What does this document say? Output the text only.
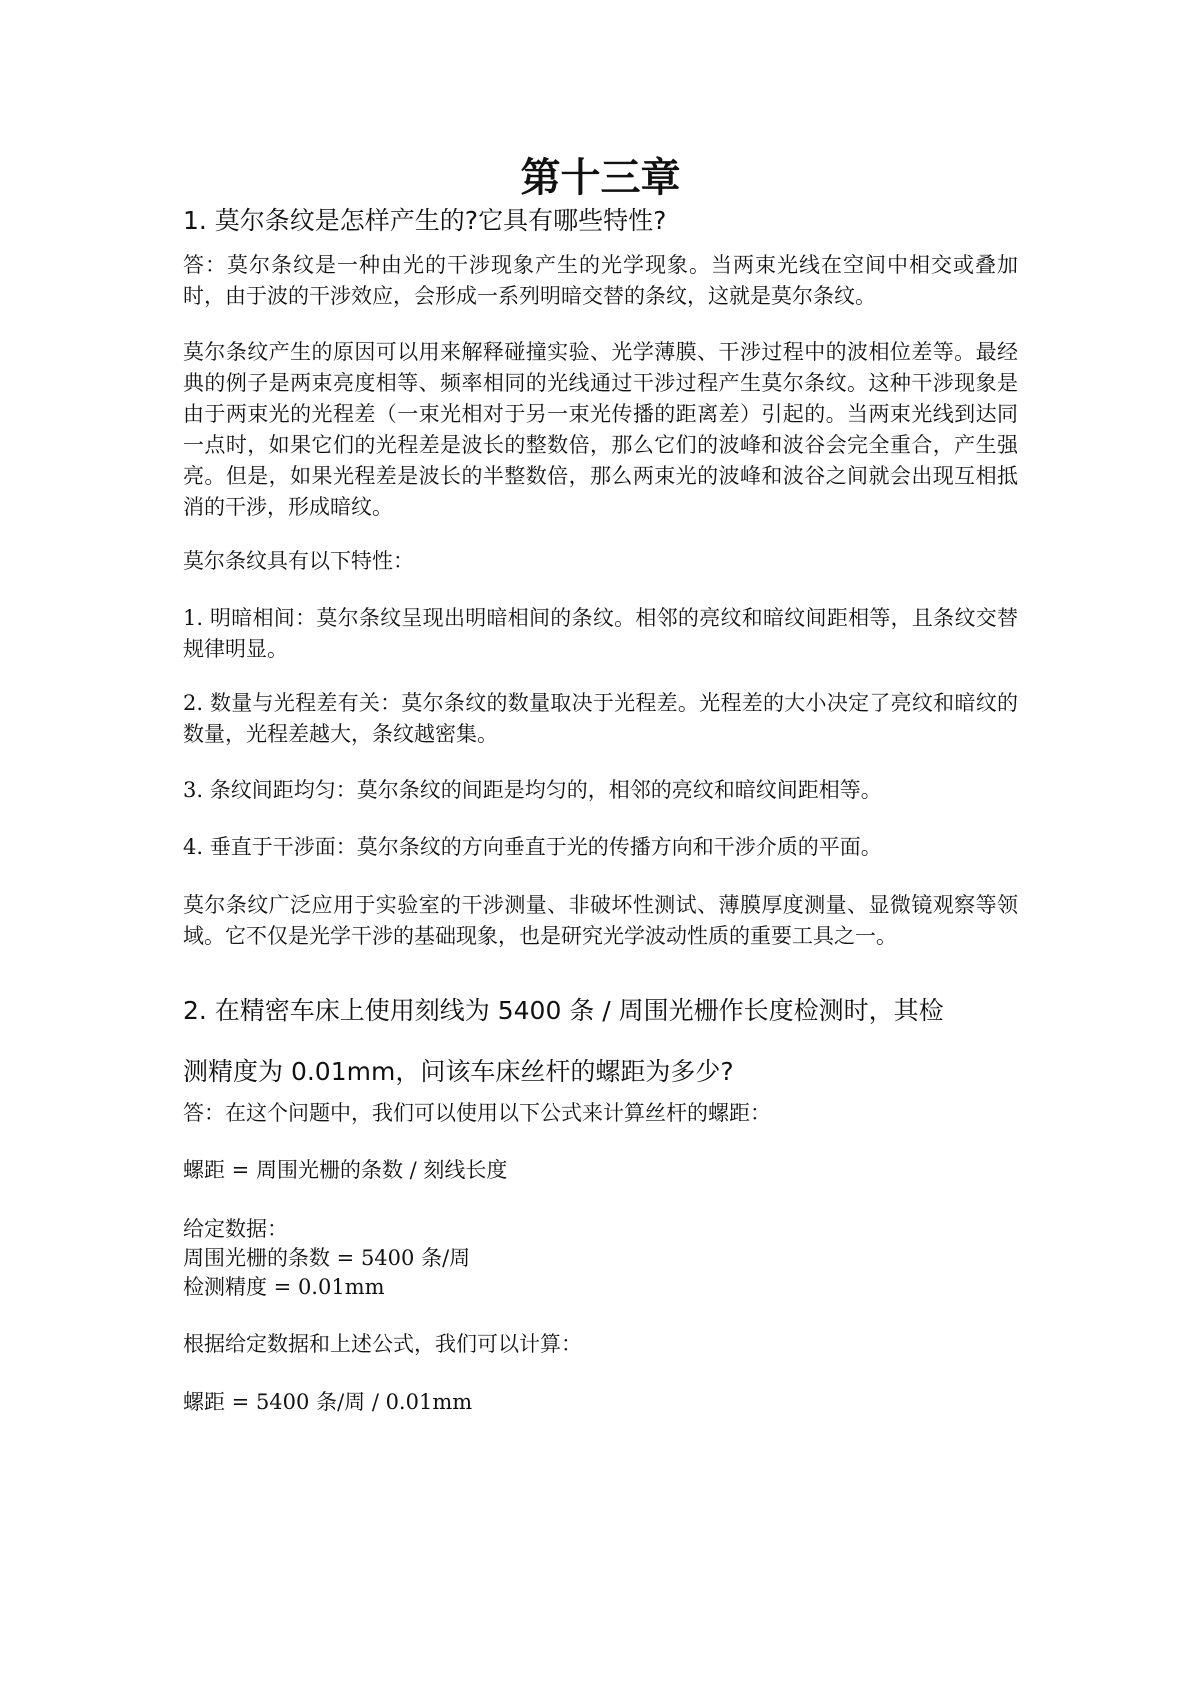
第十三章
1. 莫尔条纹是怎样产生的?它具有哪些特性?

答：莫尔条纹是一种由光的干涉现象产生的光学现象。当两束光线在空间中相交或叠加时，由于波的干涉效应，会形成一系列明暗交替的条纹，这就是莫尔条纹。

莫尔条纹产生的原因可以用来解释碰撞实验、光学薄膜、干涉过程中的波相位差等。最经典的例子是两束亮度相等、频率相同的光线通过干涉过程产生莫尔条纹。这种干涉现象是由于两束光的光程差（一束光相对于另一束光传播的距离差）引起的。当两束光线到达同一点时，如果它们的光程差是波长的整数倍，那么它们的波峰和波谷会完全重合，产生强亮。但是，如果光程差是波长的半整数倍，那么两束光的波峰和波谷之间就会出现互相抵消的干涉，形成暗纹。

莫尔条纹具有以下特性：

1. 明暗相间：莫尔条纹呈现出明暗相间的条纹。相邻的亮纹和暗纹间距相等，且条纹交替规律明显。

2. 数量与光程差有关：莫尔条纹的数量取决于光程差。光程差的大小决定了亮纹和暗纹的数量，光程差越大，条纹越密集。

3. 条纹间距均匀：莫尔条纹的间距是均匀的，相邻的亮纹和暗纹间距相等。

4. 垂直于干涉面：莫尔条纹的方向垂直于光的传播方向和干涉介质的平面。

莫尔条纹广泛应用于实验室的干涉测量、非破坏性测试、薄膜厚度测量、显微镜观察等领域。它不仅是光学干涉的基础现象，也是研究光学波动性质的重要工具之一。

2. 在精密车床上使用刻线为 5400 条 / 周围光栅作长度检测时，其检
测精度为 0.01mm，问该车床丝杆的螺距为多少?

答：在这个问题中，我们可以使用以下公式来计算丝杆的螺距：

螺距 = 周围光栅的条数 / 刻线长度

给定数据：

周围光栅的条数 = 5400 条/周

检测精度 = 0.01mm

根据给定数据和上述公式，我们可以计算：

螺距 = 5400 条/周 / 0.01mm
